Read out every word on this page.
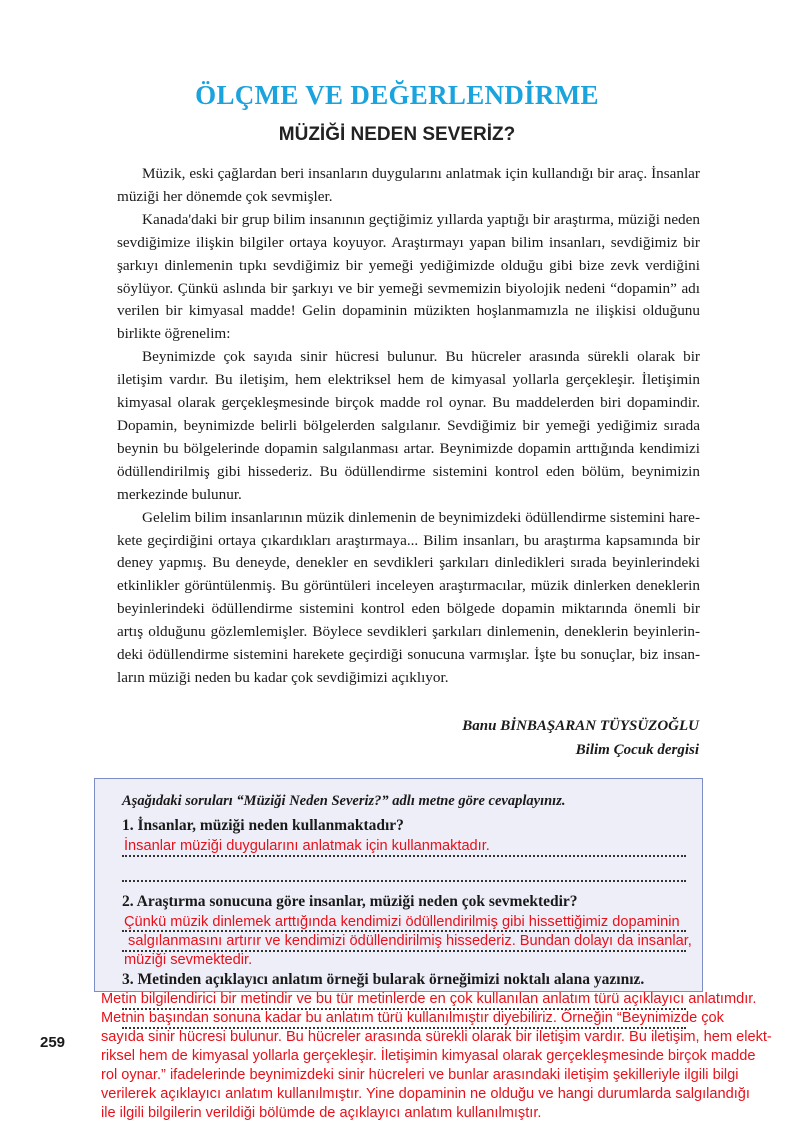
ÖLÇME VE DEĞERLENDİRME
MÜZİĞİ NEDEN SEVERİZ?

Müzik, eski çağlardan beri insanların duygularını anlatmak için kullandığı bir araç. İnsanlar müziği her dönemde çok sevmişler.

Kanada'daki bir grup bilim insanının geçtiğimiz yıllarda yaptığı bir araştırma, müziği neden sevdiğimize ilişkin bilgiler ortaya koyuyor. Araştırmayı yapan bilim insanları, sevdiğimiz bir şarkıyı dinlemenin tıpkı sevdiğimiz bir yemeği yediğimizde olduğu gibi bize zevk verdiğini söylüyor. Çünkü aslında bir şarkıyı ve bir yemeği sevmemizin biyolojik nedeni “dopamin” adı verilen bir kimyasal madde! Gelin dopaminin müzikten hoşlanmamızla ne ilişkisi olduğunu birlikte öğrenelim:

Beynimizde çok sayıda sinir hücresi bulunur. Bu hücreler arasında sürekli olarak bir iletişim vardır. Bu iletişim, hem elektriksel hem de kimyasal yollarla gerçekleşir. İletişimin kimyasal olarak gerçekleşmesinde birçok madde rol oynar. Bu maddelerden biri dopamindir. Dopamin, beynimizde belirli bölgelerden salgılanır. Sevdiğimiz bir yemeği yediğimiz sırada beynin bu bölgelerinde dopamin salgılanması artar. Beynimizde dopamin arttığında kendimizi ödüllendirilmiş gibi hissederiz. Bu ödüllendirme sistemini kontrol eden bölüm, beynimizin merkezinde bulunur.

Gelelim bilim insanlarının müzik dinlemenin de beynimizdeki ödüllendirme sistemini harekete geçirdiğini ortaya çıkardıkları araştırmaya... Bilim insanları, bu araştırma kapsamında bir deney yapmış. Bu deneyde, denekler en sevdikleri şarkıları dinledikleri sırada beyinlerindeki etkinlikler görüntülenmiş. Bu görüntüleri inceleyen araştırmacılar, müzik dinlerken deneklerin beyinlerindeki ödüllendirme sistemini kontrol eden bölgede dopamin miktarında önemli bir artış olduğunu gözlemlemişler. Böylece sevdikleri şarkıları dinlemenin, deneklerin beyinlerindeki ödüllendirme sistemini harekete geçirdiği sonucuna varmışlar. İşte bu sonuçlar, biz insanların müziği neden bu kadar çok sevdiğimizi açıklıyor.

Banu BİNBAŞARAN TÜYSÜZOĞLU
Bilim Çocuk dergisi
Aşağıdaki soruları “Müziği Neden Severiz?” adlı metne göre cevaplayınız.
1. İnsanlar, müziği neden kullanmaktadır?
2. Araştırma sonucuna göre insanlar, müziği neden çok sevmektedir?
3. Metinden açıklayıcı anlatım örneği bularak örneğimizi noktalı alana yazınız.
İnsanlar müziği duygularını anlatmak için kullanmaktadır.
Çünkü müzik dinlemek arttığında kendimizi ödüllendirilmiş gibi hissettiğimiz dopaminin
salgılanmasını artırır ve kendimizi ödüllendirilmiş hissederiz. Bundan dolayı da insanlar,
müziği sevmektedir.
259
Metin bilgilendirici bir metindir ve bu tür metinlerde en çok kullanılan anlatım türü açıklayıcı anlatımdır.
Metnin başından sonuna kadar bu anlatım türü kullanılmıştır diyebiliriz. Örneğin “Beynimizde çok
sayıda sinir hücresi bulunur. Bu hücreler arasında sürekli olarak bir iletişim vardır. Bu iletişim, hem elekt-
riksel hem de kimyasal yollarla gerçekleşir. İletişimin kimyasal olarak gerçekleşmesinde birçok madde
rol oynar.” ifadelerinde beynimizdeki sinir hücreleri ve bunlar arasındaki iletişim şekilleriyle ilgili bilgi
verilerek açıklayıcı anlatım kullanılmıştır. Yine dopaminin ne olduğu ve hangi durumlarda salgılandığı
ile ilgili bilgilerin verildiği bölümde de açıklayıcı anlatım kullanılmıştır.
